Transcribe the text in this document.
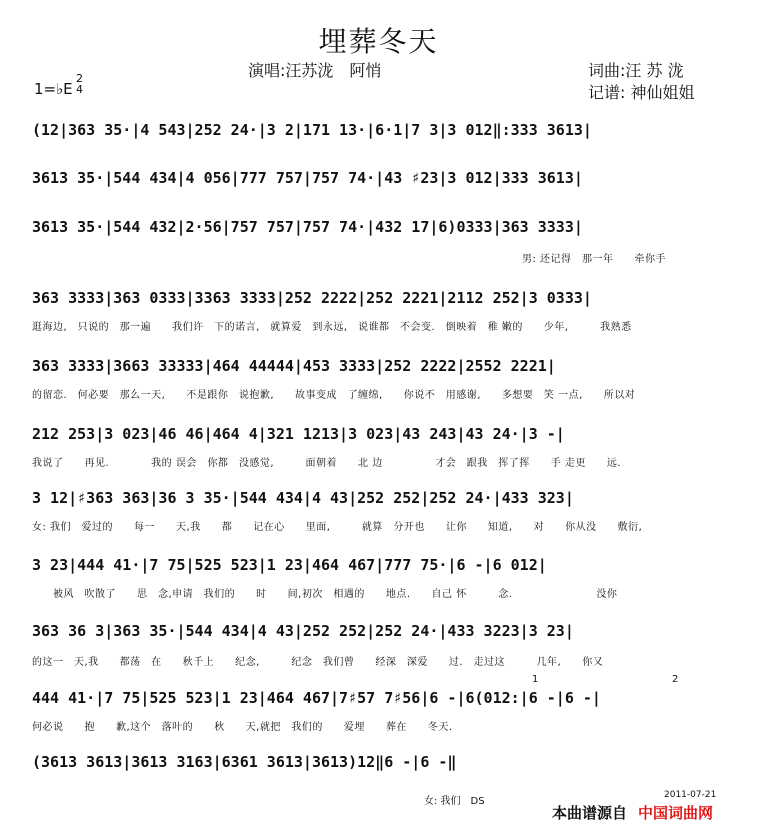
埋葬冬天
演唱:汪苏泷　阿悄	词曲:汪 苏 泷
记谱: 神仙姐姐
1=♭E
2
4
(12|363 35·|4 543|252 24·|3 2|171 13·|6·1|7 3|3 012‖:333 3613|
3613 35·|544 434|4 056|777 757|757 74·|43 ♯23|3 012|333 3613|
3613 35·|544 432|2·56|757 757|757 74·|432 17|6)0333|363 3333|
男: 还记得　那一年　　牵你手
363 3333|363 0333|3363 3333|252 2222|252 2221|2112 252|3 0333|
逛海边,　只说的　那一遍　　我们许　下的诺言,　就算爱　到永远,　说谁都　不会变.　倒映着　稚 嫩的　　少年,　　　我熟悉
363 3333|3663 33333|464 44444|453 3333|252 2222|2552 2221|
的留恋.　何必要　那么一天,　　不是跟你　说抱歉,　　故事变成　了缠绵,　　你说不　用感谢,　　多想要　笑 一点,　　所以对
212 253|3 023|46 46|464 4|321 1213|3 023|43 243|43 24·|3 -|
我说了　　再见.　　　　我的 误会　你都　没感觉,　　　面朝着　　北 边　　　　　才会　跟我　挥了挥　　手 走更　　远.
3 12|♯363 363|36 3 35·|544 434|4 43|252 252|252 24·|433 323|
女: 我们　爱过的　　每一　　天,我　　都　　记在心　　里面,　　　就算　分开也　　让你　　知道,　　对　　你从没　　敷衍,
3 23|444 41·|7 75|525 523|1 23|464 467|777 75·|6 -|6 012|
　　被风　吹散了　　思　念,申请　我们的　　时　　间,初次　相遇的　　地点.　　自己 怀　　　念.　　　　　　　　没你
363 36 3|363 35·|544 434|4 43|252 252|252 24·|433 3223|3 23|
的这一　天,我　　都荡　在　　秋千上　　纪念,　　　纪念　我们曾　　经深　深爱　　过.　走过这　　　几年,　　你又
444 41·|7 75|525 523|1 23|464 467|7♯57 7♯56|6 -|6(012:|6 -|6 -|
何必说　　抱　　歉,这个　落叶的　　秋　　天,就把　我们的　　爱埋　　葬在　　冬天.
1	2
(3613 3613|3613 3163|6361 3613|3613)12‖6 -|6 -‖
女: 我们　DS
2011-07-21
本曲谱源自 中国词曲网
